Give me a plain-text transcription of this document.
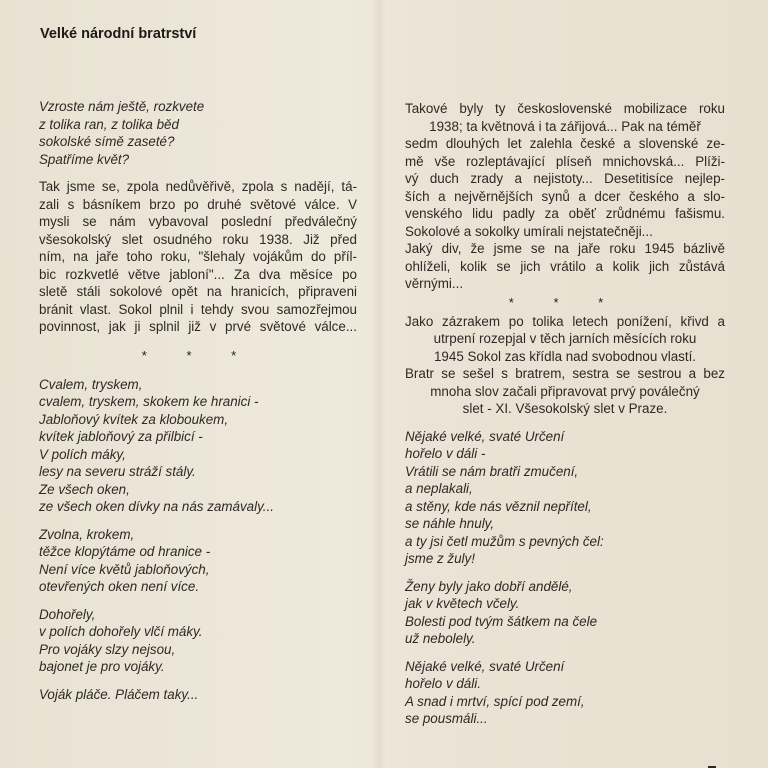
Velké národní bratrství
Vzroste nám ještě, rozkvete
z tolika ran, z tolika běd
sokolské símě zaseté?
Spatříme květ?
Tak jsme se, zpola nedůvěřivě, zpola s nadějí, tá-
zali s básníkem brzo po druhé světové válce. V
mysli se nám vybavoval poslední předválečný
všesokolský slet osudného roku 1938. Již před
ním, na jaře toho roku, "šlehaly vojákům do příl-
bic rozkvetlé větve jabloní"... Za dva měsíce po
sletě stáli sokolové opět na hranicích, připraveni
bránit vlast. Sokol plnil i tehdy svou samozřejmou
povinnost, jak ji splnil již v prvé světové válce...
* * *
Cvalem, tryskem,
cvalem, tryskem, skokem ke hranici -
Jabloňový kvítek za kloboukem,
kvítek jabloňový za přilbicí -
V polích máky,
lesy na severu stráží stály.
Ze všech oken,
ze všech oken dívky na nás zamávaly...
Zvolna, krokem,
těžce klopýtáme od hranice -
Není více květů jabloňových,
otevřených oken není více.
Dohořely,
v polích dohořely vlčí máky.
Pro vojáky slzy nejsou,
bajonet je pro vojáky.
Voják pláče. Pláčem taky...
Takové byly ty československé mobilizace roku
1938; ta květnová i ta zářijová... Pak na téměř
sedm dlouhých let zalehla české a slovenské ze-
mě vše rozleptávající plíseň mnichovská... Plíži-
vý duch zrady a nejistoty... Desetitisíce nejlep-
ších a nejvěrnějších synů a dcer českého a slo-
venského lidu padly za oběť zrůdnému fašismu.
Sokolové a sokolky umírali nejstatečněji...
Jaký div, že jsme se na jaře roku 1945 bázlivě
ohlíželi, kolik se jich vrátilo a kolik jich zůstává
věrnými...
* * *
Jako zázrakem po tolika letech ponížení, křivd a
utrpení rozepjal v těch jarních měsících roku
1945 Sokol zas křídla nad svobodnou vlastí.
Bratr se sešel s bratrem, sestra se sestrou a bez
mnoha slov začali připravovat prvý poválečný
slet - XI. Všesokolský slet v Praze.
Nějaké velké, svaté Určení
hořelo v dáli -
Vrátili se nám bratři zmučení,
a neplakali,
a stěny, kde nás věznil nepřítel,
se náhle hnuly,
a ty jsi četl mužům s pevných čel:
jsme z žuly!
Ženy byly jako dobří andělé,
jak v květech včely.
Bolesti pod tvým šátkem na čele
už nebolely.
Nějaké velké, svaté Určení
hořelo v dáli.
A snad i mrtví, spící pod zemí,
se pousmáli...
